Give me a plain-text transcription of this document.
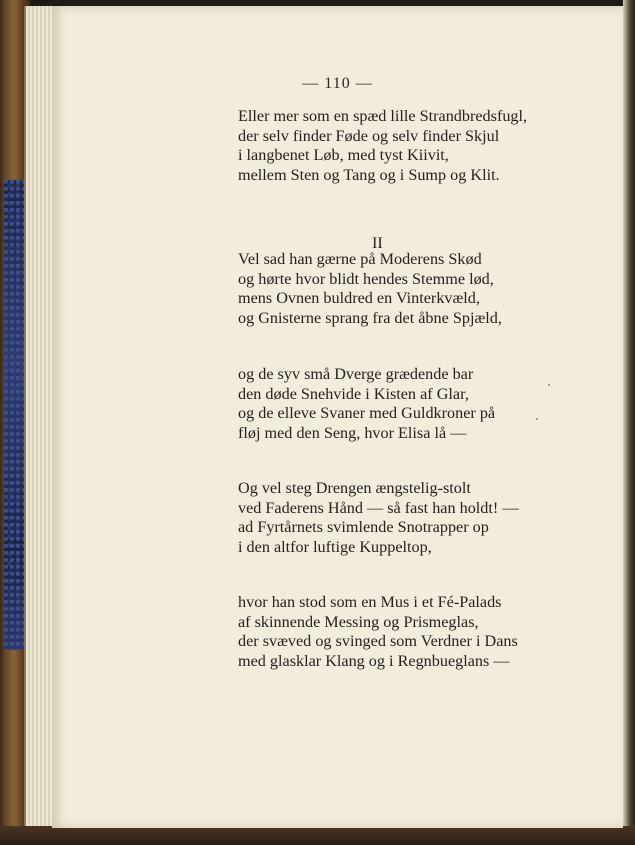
— 110 —
Eller mer som en spæd lille Strandbredsfugl,
der selv finder Føde og selv finder Skjul
i langbenet Løb, med tyst Kiivit,
mellem Sten og Tang og i Sump og Klit.
II
Vel sad han gærne på Moderens Skød
og hørte hvor blidt hendes Stemme lød,
mens Ovnen buldred en Vinterkvæld,
og Gnisterne sprang fra det åbne Spjæld,
og de syv små Dverge grædende bar
den døde Snehvide i Kisten af Glar,
og de elleve Svaner med Guldkroner på
fløj med den Seng, hvor Elisa lå —
Og vel steg Drengen ængstelig-stolt
ved Faderens Hånd — så fast han holdt! —
ad Fyrtårnets svimlende Snotrapper op
i den altfor luftige Kuppeltop,
hvor han stod som en Mus i et Fé-Palads
af skinnende Messing og Prismeglas,
der svæved og svinged som Verdner i Dans
med glasklar Klang og i Regnbueglans —
